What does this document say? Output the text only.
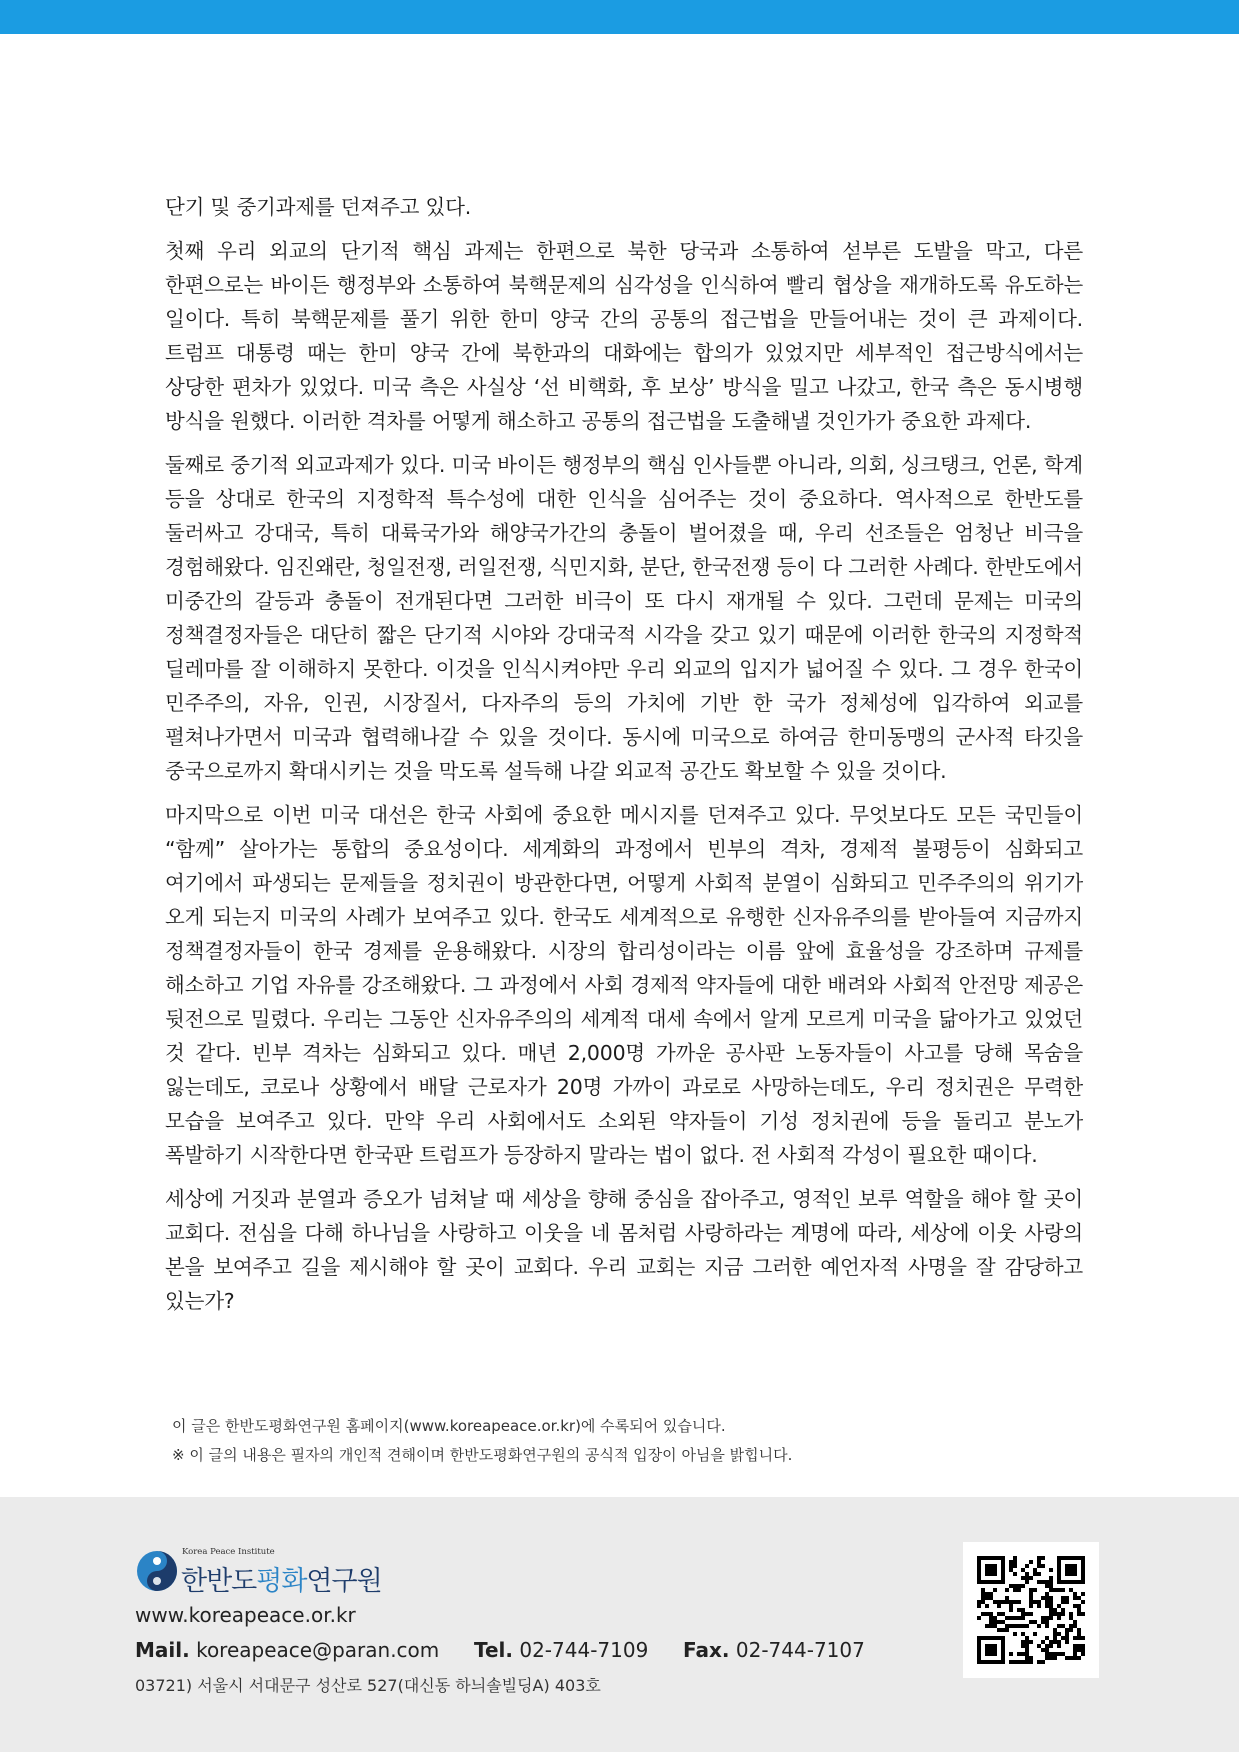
단기 및 중기과제를 던져주고 있다.

첫째 우리 외교의 단기적 핵심 과제는 한편으로 북한 당국과 소통하여 섣부른 도발을 막고, 다른 한편으로는 바이든 행정부와 소통하여 북핵문제의 심각성을 인식하여 빨리 협상을 재개하도록 유도하는 일이다. 특히 북핵문제를 풀기 위한 한미 양국 간의 공통의 접근법을 만들어내는 것이 큰 과제이다. 트럼프 대통령 때는 한미 양국 간에 북한과의 대화에는 합의가 있었지만 세부적인 접근방식에서는 상당한 편차가 있었다. 미국 측은 사실상 ‘선 비핵화, 후 보상’ 방식을 밀고 나갔고, 한국 측은 동시병행 방식을 원했다. 이러한 격차를 어떻게 해소하고 공통의 접근법을 도출해낼 것인가가 중요한 과제다.

둘째로 중기적 외교과제가 있다. 미국 바이든 행정부의 핵심 인사들뿐 아니라, 의회, 싱크탱크, 언론, 학계 등을 상대로 한국의 지정학적 특수성에 대한 인식을 심어주는 것이 중요하다. 역사적으로 한반도를 둘러싸고 강대국, 특히 대륙국가와 해양국가간의 충돌이 벌어졌을 때, 우리 선조들은 엄청난 비극을 경험해왔다. 임진왜란, 청일전쟁, 러일전쟁, 식민지화, 분단, 한국전쟁 등이 다 그러한 사례다. 한반도에서 미중간의 갈등과 충돌이 전개된다면 그러한 비극이 또 다시 재개될 수 있다. 그런데 문제는 미국의 정책결정자들은 대단히 짧은 단기적 시야와 강대국적 시각을 갖고 있기 때문에 이러한 한국의 지정학적 딜레마를 잘 이해하지 못한다. 이것을 인식시켜야만 우리 외교의 입지가 넓어질 수 있다. 그 경우 한국이 민주주의, 자유, 인권, 시장질서, 다자주의 등의 가치에 기반 한 국가 정체성에 입각하여 외교를 펼쳐나가면서 미국과 협력해나갈 수 있을 것이다. 동시에 미국으로 하여금 한미동맹의 군사적 타깃을 중국으로까지 확대시키는 것을 막도록 설득해 나갈 외교적 공간도 확보할 수 있을 것이다.

마지막으로 이번 미국 대선은 한국 사회에 중요한 메시지를 던져주고 있다. 무엇보다도 모든 국민들이 “함께” 살아가는 통합의 중요성이다. 세계화의 과정에서 빈부의 격차, 경제적 불평등이 심화되고 여기에서 파생되는 문제들을 정치권이 방관한다면, 어떻게 사회적 분열이 심화되고 민주주의의 위기가 오게 되는지 미국의 사례가 보여주고 있다. 한국도 세계적으로 유행한 신자유주의를 받아들여 지금까지 정책결정자들이 한국 경제를 운용해왔다. 시장의 합리성이라는 이름 앞에 효율성을 강조하며 규제를 해소하고 기업 자유를 강조해왔다. 그 과정에서 사회 경제적 약자들에 대한 배려와 사회적 안전망 제공은 뒷전으로 밀렸다. 우리는 그동안 신자유주의의 세계적 대세 속에서 알게 모르게 미국을 닮아가고 있었던 것 같다. 빈부 격차는 심화되고 있다. 매년 2,000명 가까운 공사판 노동자들이 사고를 당해 목숨을 잃는데도, 코로나 상황에서 배달 근로자가 20명 가까이 과로로 사망하는데도, 우리 정치권은 무력한 모습을 보여주고 있다. 만약 우리 사회에서도 소외된 약자들이 기성 정치권에 등을 돌리고 분노가 폭발하기 시작한다면 한국판 트럼프가 등장하지 말라는 법이 없다. 전 사회적 각성이 필요한 때이다.

세상에 거짓과 분열과 증오가 넘쳐날 때 세상을 향해 중심을 잡아주고, 영적인 보루 역할을 해야 할 곳이 교회다. 전심을 다해 하나님을 사랑하고 이웃을 네 몸처럼 사랑하라는 계명에 따라, 세상에 이웃 사랑의 본을 보여주고 길을 제시해야 할 곳이 교회다. 우리 교회는 지금 그러한 예언자적 사명을 잘 감당하고 있는가?

이 글은 한반도평화연구원 홈페이지(www.koreapeace.or.kr)에 수록되어 있습니다.
※ 이 글의 내용은 필자의 개인적 견해이며 한반도평화연구원의 공식적 입장이 아님을 밝힙니다.
Korea Peace Institute
한반도평화연구원
www.koreapeace.or.kr
Mail. koreapeace@paran.com Tel. 02-744-7109 Fax. 02-744-7107
03721) 서울시 서대문구 성산로 527(대신동 하늬솔빌딩A) 403호
